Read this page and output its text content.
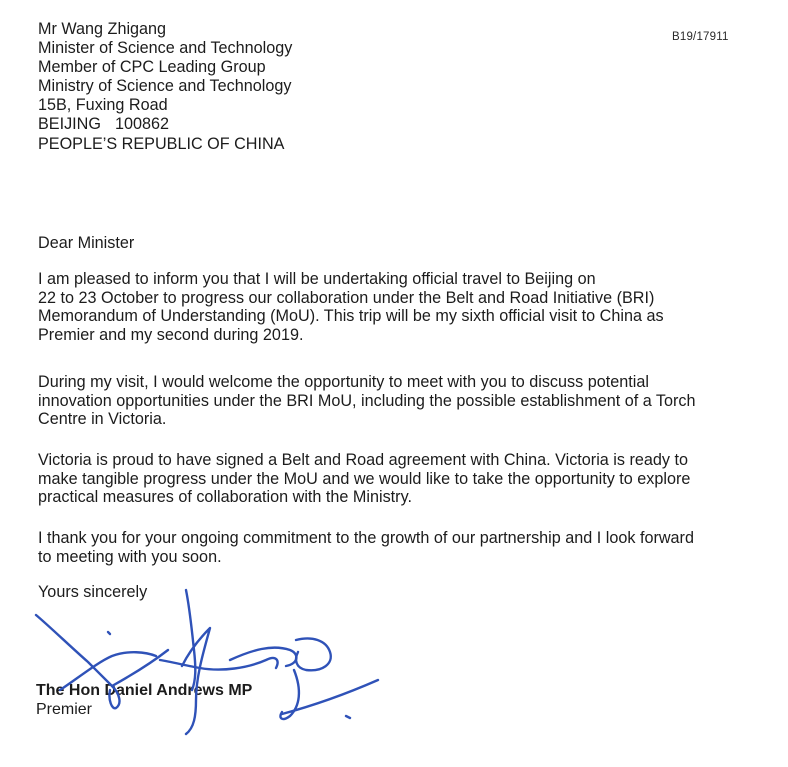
B19/17911
Mr Wang Zhigang
Minister of Science and Technology
Member of CPC Leading Group
Ministry of Science and Technology
15B, Fuxing Road
BEIJING 100862
PEOPLE’S REPUBLIC OF CHINA
Dear Minister
I am pleased to inform you that I will be undertaking official travel to Beijing on
22 to 23 October to progress our collaboration under the Belt and Road Initiative (BRI)
Memorandum of Understanding (MoU). This trip will be my sixth official visit to China as
Premier and my second during 2019.
During my visit, I would welcome the opportunity to meet with you to discuss potential
innovation opportunities under the BRI MoU, including the possible establishment of a Torch
Centre in Victoria.
Victoria is proud to have signed a Belt and Road agreement with China. Victoria is ready to
make tangible progress under the MoU and we would like to take the opportunity to explore
practical measures of collaboration with the Ministry.
I thank you for your ongoing commitment to the growth of our partnership and I look forward
to meeting with you soon.
Yours sincerely
The Hon Daniel Andrews MP
Premier
